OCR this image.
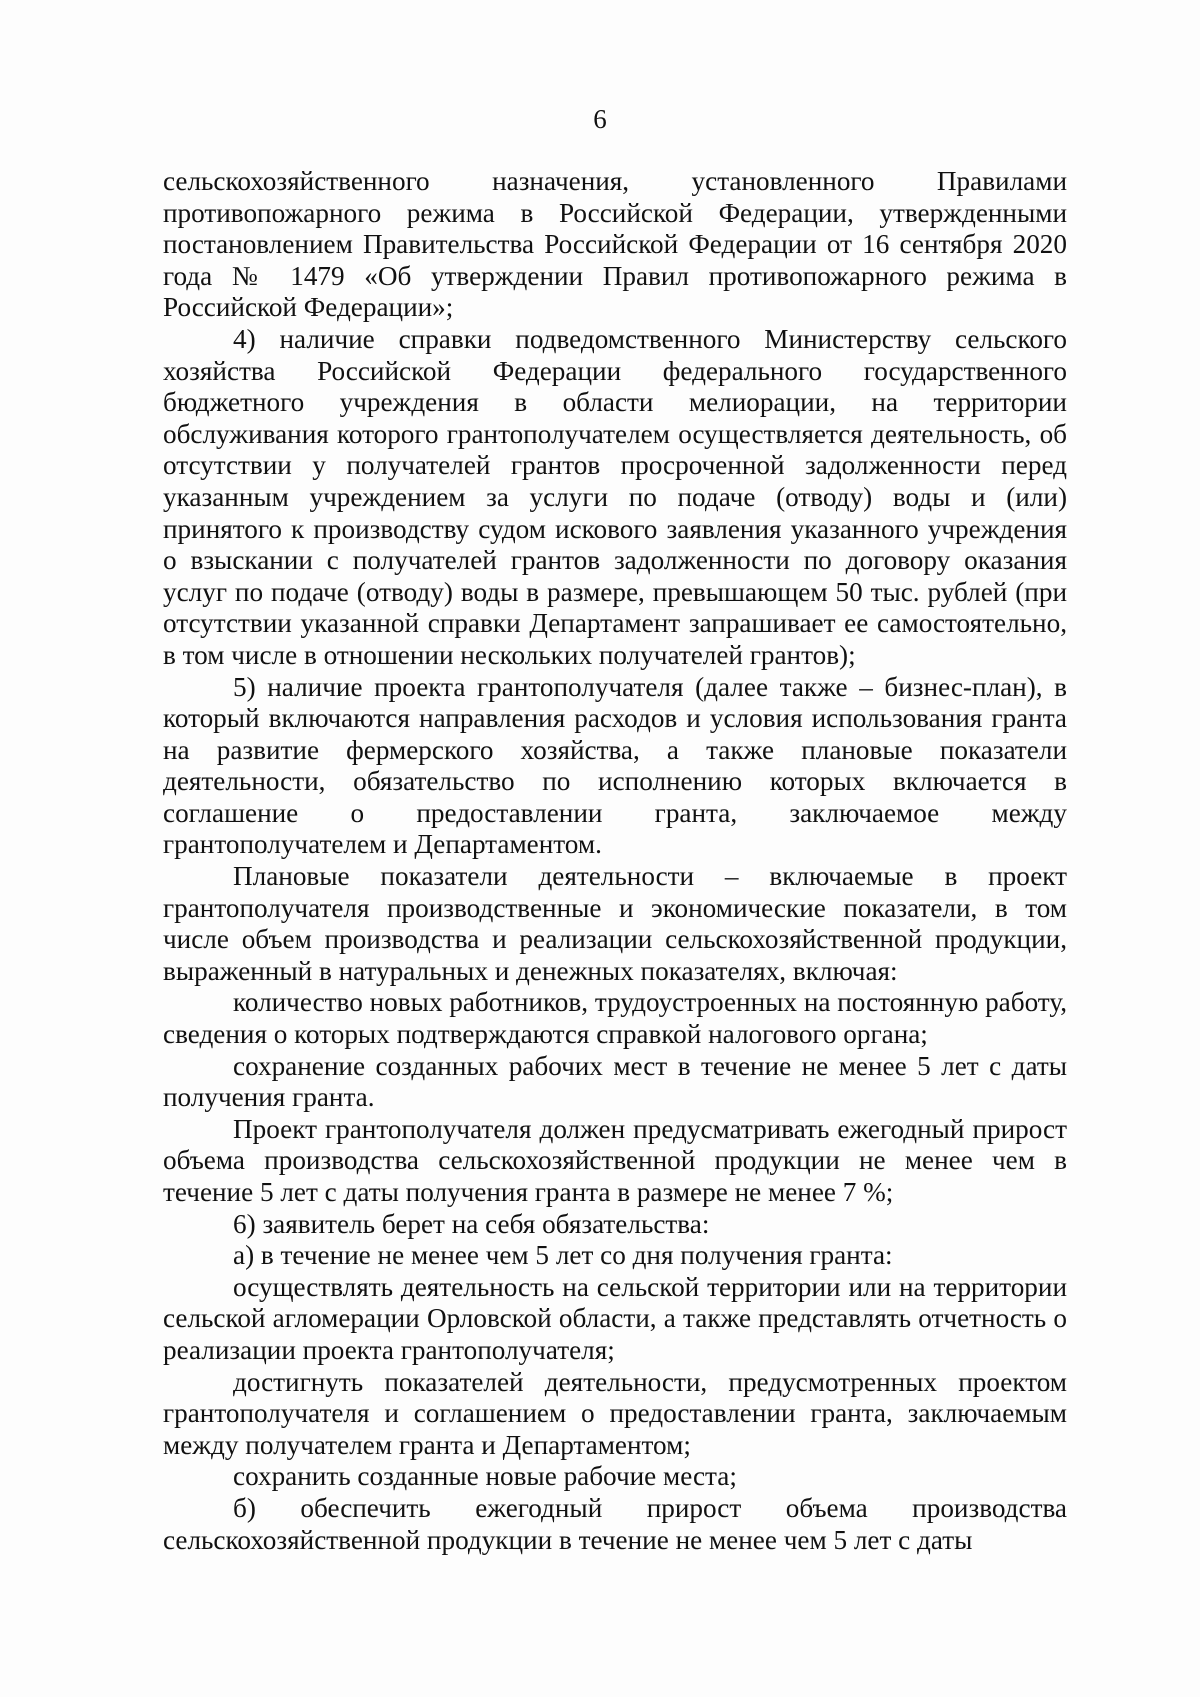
6

сельскохозяйственного назначения, установленного Правилами противопожарного режима в Российской Федерации, утвержденными постановлением Правительства Российской Федерации от 16 сентября 2020 года № 1479 «Об утверждении Правил противопожарного режима в Российской Федерации»;

4) наличие справки подведомственного Министерству сельского хозяйства Российской Федерации федерального государственного бюджетного учреждения в области мелиорации, на территории обслуживания которого грантополучателем осуществляется деятельность, об отсутствии у получателей грантов просроченной задолженности перед указанным учреждением за услуги по подаче (отводу) воды и (или) принятого к производству судом искового заявления указанного учреждения о взыскании с получателей грантов задолженности по договору оказания услуг по подаче (отводу) воды в размере, превышающем 50 тыс. рублей (при отсутствии указанной справки Департамент запрашивает ее самостоятельно, в том числе в отношении нескольких получателей грантов);

5) наличие проекта грантополучателя (далее также – бизнес-план), в который включаются направления расходов и условия использования гранта на развитие фермерского хозяйства, а также плановые показатели деятельности, обязательство по исполнению которых включается в соглашение о предоставлении гранта, заключаемое между грантополучателем и Департаментом.

Плановые показатели деятельности – включаемые в проект грантополучателя производственные и экономические показатели, в том числе объем производства и реализации сельскохозяйственной продукции, выраженный в натуральных и денежных показателях, включая:

количество новых работников, трудоустроенных на постоянную работу, сведения о которых подтверждаются справкой налогового органа;

сохранение созданных рабочих мест в течение не менее 5 лет с даты получения гранта.

Проект грантополучателя должен предусматривать ежегодный прирост объема производства сельскохозяйственной продукции не менее чем в течение 5 лет с даты получения гранта в размере не менее 7 %;

6) заявитель берет на себя обязательства:

а) в течение не менее чем 5 лет со дня получения гранта:

осуществлять деятельность на сельской территории или на территории сельской агломерации Орловской области, а также представлять отчетность о реализации проекта грантополучателя;

достигнуть показателей деятельности, предусмотренных проектом грантополучателя и соглашением о предоставлении гранта, заключаемым между получателем гранта и Департаментом;

сохранить созданные новые рабочие места;

б) обеспечить ежегодный прирост объема производства сельскохозяйственной продукции в течение не менее чем 5 лет с даты
